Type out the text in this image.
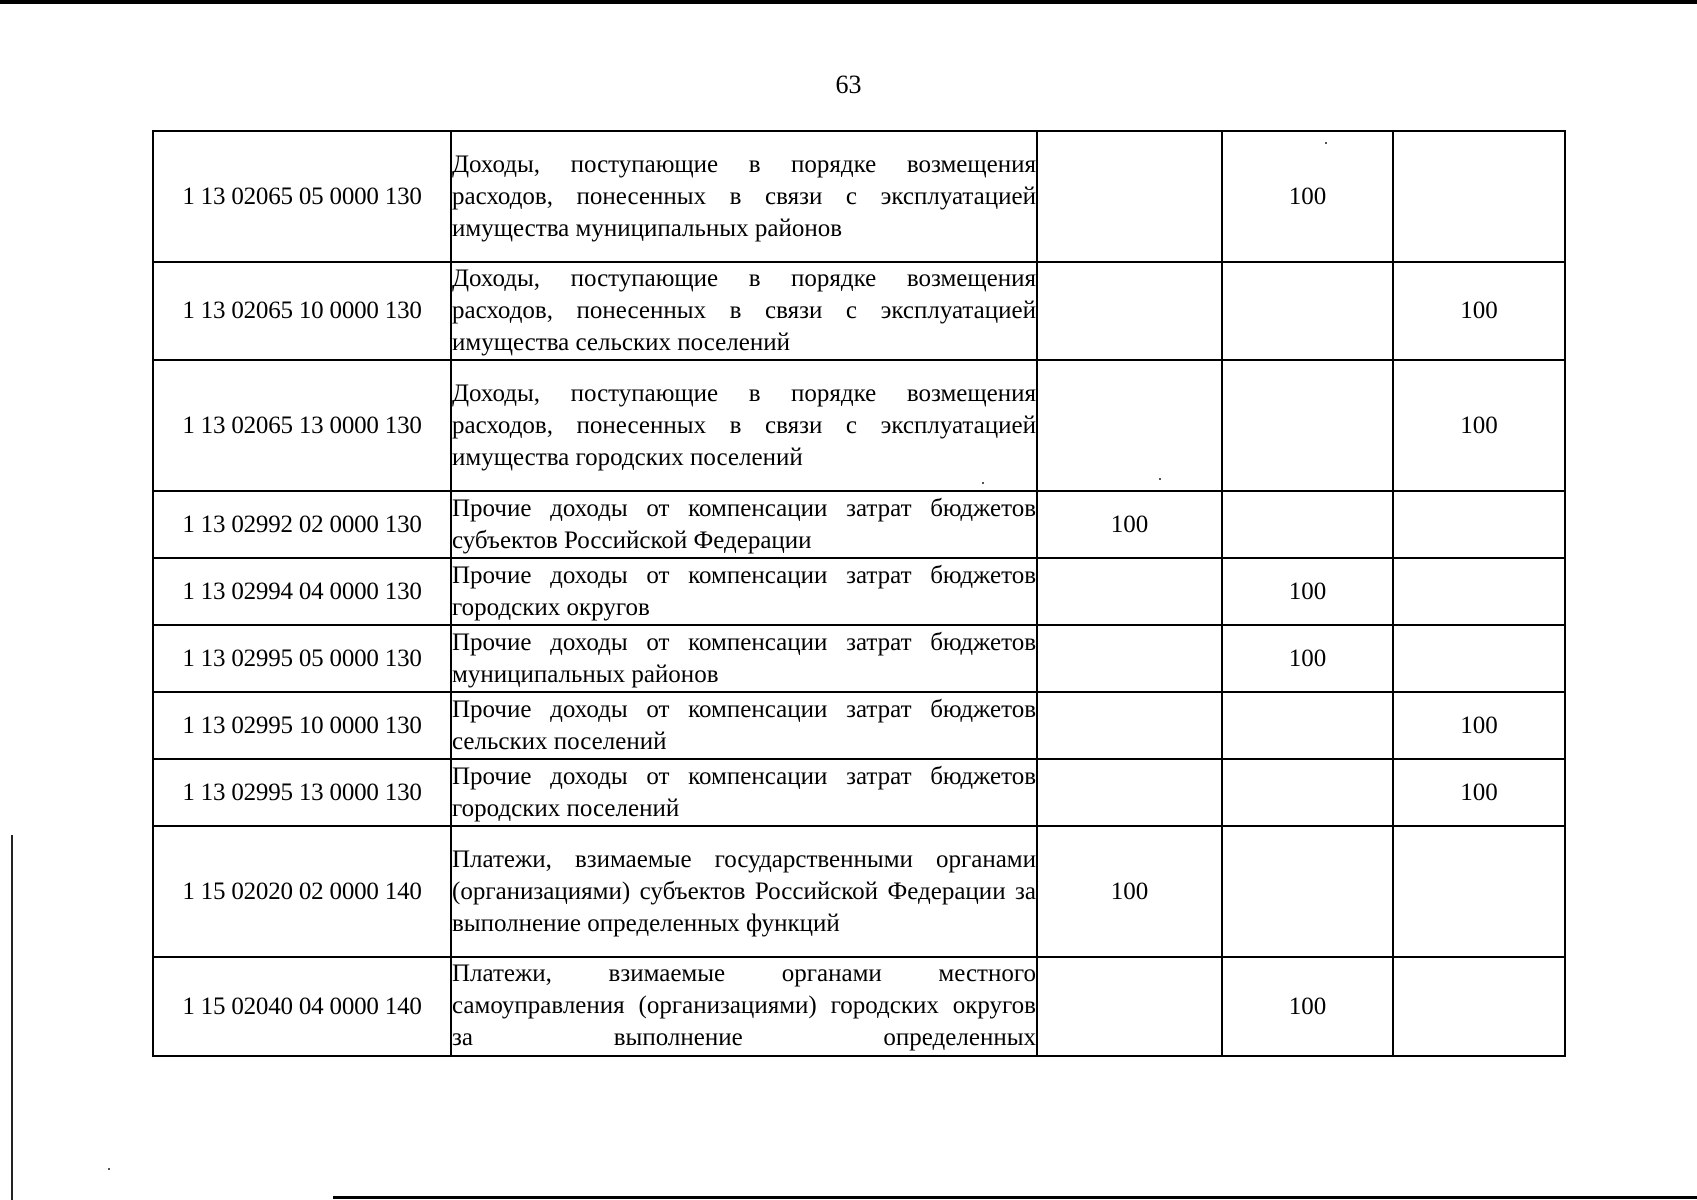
63
1 13 02065 05 0000 130	Доходы, поступающие в порядке возмещения расходов, понесенных в связи с эксплуатацией имущества муниципальных районов		100	
1 13 02065 10 0000 130	Доходы, поступающие в порядке возмещения расходов, понесенных в связи с эксплуатацией имущества сельских поселений			100
1 13 02065 13 0000 130	Доходы, поступающие в порядке возмещения расходов, понесенных в связи с эксплуатацией имущества городских поселений			100
1 13 02992 02 0000 130	Прочие доходы от компенсации затрат бюджетов субъектов Российской Федерации	100		
1 13 02994 04 0000 130	Прочие доходы от компенсации затрат бюджетов городских округов		100	
1 13 02995 05 0000 130	Прочие доходы от компенсации затрат бюджетов муниципальных районов		100	
1 13 02995 10 0000 130	Прочие доходы от компенсации затрат бюджетов сельских поселений			100
1 13 02995 13 0000 130	Прочие доходы от компенсации затрат бюджетов городских поселений			100
1 15 02020 02 0000 140	Платежи, взимаемые государственными органами (организациями) субъектов Российской Федерации за выполнение определенных функций	100		
1 15 02040 04 0000 140	Платежи, взимаемые органами местного самоуправления (организациями) городских округов за выполнение определенных		100	
